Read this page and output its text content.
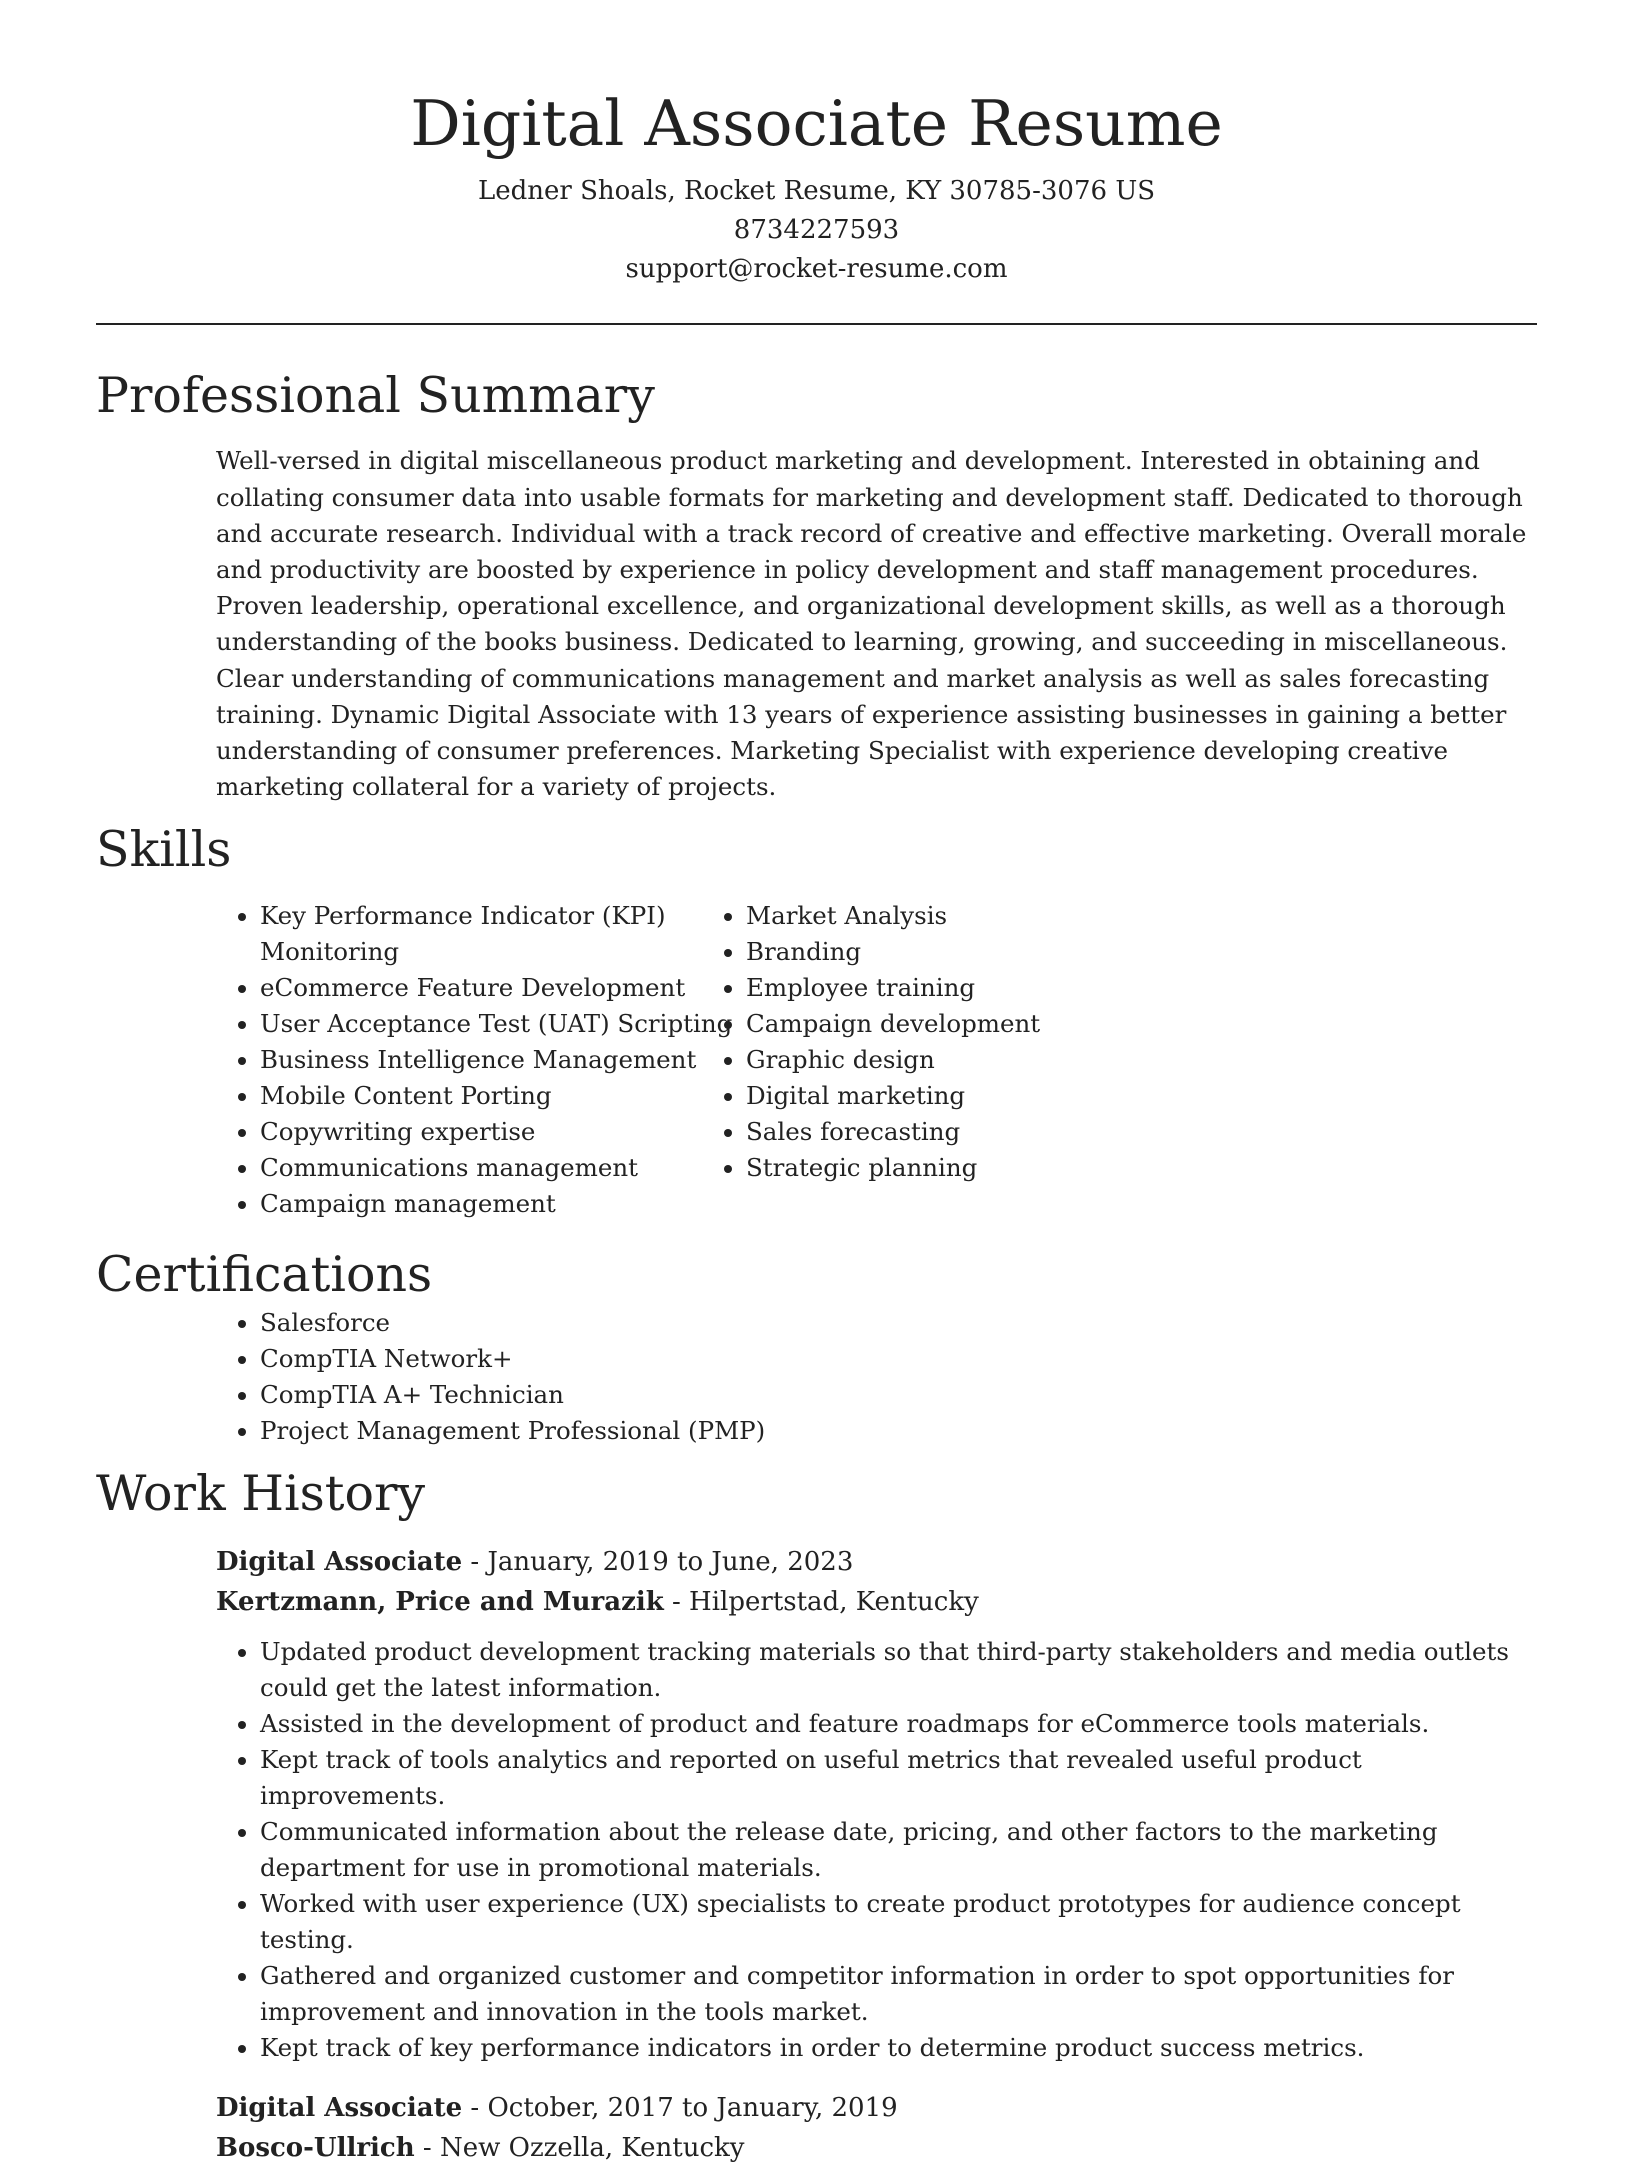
Digital Associate Resume
Ledner Shoals, Rocket Resume, KY 30785-3076 US
8734227593
support@rocket-resume.com
Professional Summary

Well-versed in digital miscellaneous product marketing and development. Interested in obtaining and collating consumer data into usable formats for marketing and development staff. Dedicated to thorough and accurate research. Individual with a track record of creative and effective marketing. Overall morale and productivity are boosted by experience in policy development and staff management procedures. Proven leadership, operational excellence, and organizational development skills, as well as a thorough understanding of the books business. Dedicated to learning, growing, and succeeding in miscellaneous. Clear understanding of communications management and market analysis as well as sales forecasting training. Dynamic Digital Associate with 13 years of experience assisting businesses in gaining a better understanding of consumer preferences. Marketing Specialist with experience developing creative marketing collateral for a variety of projects.

Skills
• Key Performance Indicator (KPI) Monitoring
• eCommerce Feature Development
• User Acceptance Test (UAT) Scripting
• Business Intelligence Management
• Mobile Content Porting
• Copywriting expertise
• Communications management
• Campaign management
• Market Analysis
• Branding
• Employee training
• Campaign development
• Graphic design
• Digital marketing
• Sales forecasting
• Strategic planning
Certifications
• Salesforce
• CompTIA Network+
• CompTIA A+ Technician
• Project Management Professional (PMP)
Work History
Digital Associate - January, 2019 to June, 2023
Kertzmann, Price and Murazik - Hilpertstad, Kentucky
• Updated product development tracking materials so that third-party stakeholders and media outlets could get the latest information.
• Assisted in the development of product and feature roadmaps for eCommerce tools materials.
• Kept track of tools analytics and reported on useful metrics that revealed useful product improvements.
• Communicated information about the release date, pricing, and other factors to the marketing department for use in promotional materials.
• Worked with user experience (UX) specialists to create product prototypes for audience concept testing.
• Gathered and organized customer and competitor information in order to spot opportunities for improvement and innovation in the tools market.
• Kept track of key performance indicators in order to determine product success metrics.
Digital Associate - October, 2017 to January, 2019
Bosco-Ullrich - New Ozzella, Kentucky
